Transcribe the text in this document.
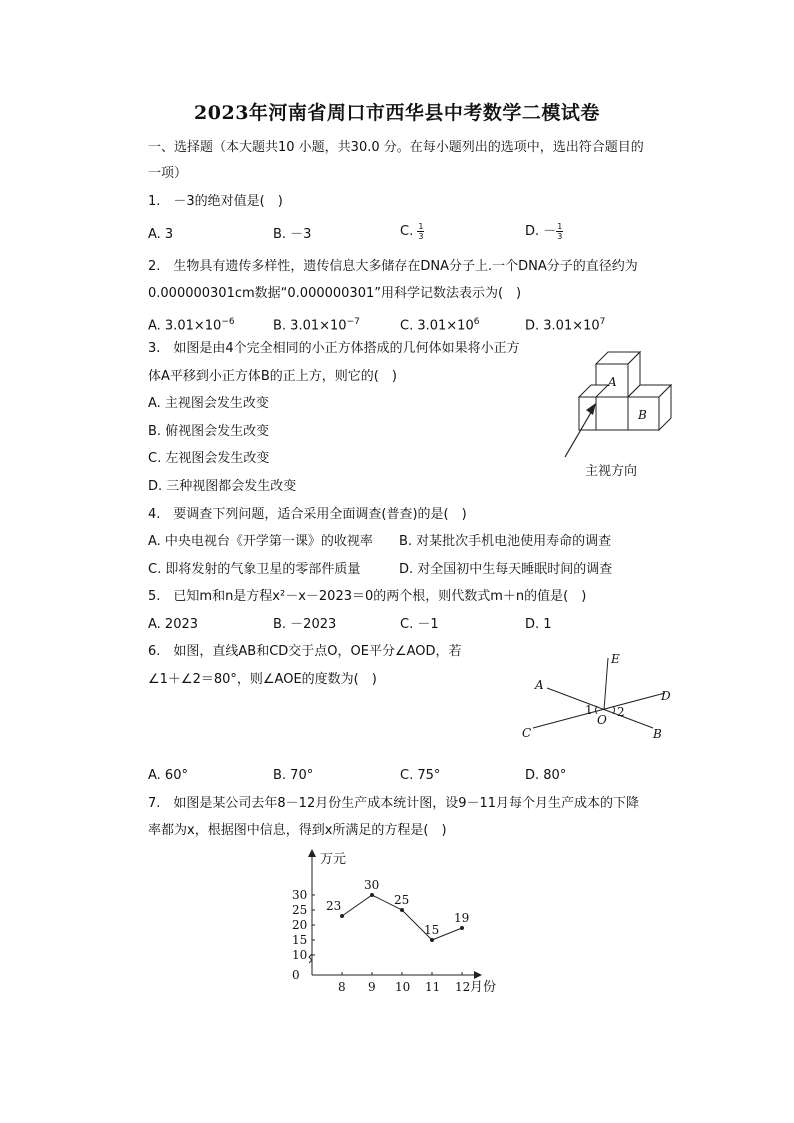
2023年河南省周口市西华县中考数学二模试卷
一、选择题（本大题共10 小题，共30.0 分。在每小题列出的选项中，选出符合题目的
一项）
1.　－3的绝对值是(　)
A. 3	B. －3	C. $\frac{1}{3}$	D. － $\frac{1}{3}$
2.　生物具有遗传多样性，遗传信息大多储存在DNA分子上.一个DNA分子的直径约为
0.000000301cm数据“0.000000301”用科学记数法表示为(　)
A. $3.01\times 10^{-6}$	B. $3.01\times 10^{-7}$	C. $3.01\times 10^6$	D. $3.01\times 10^7$
3.　如图是由4个完全相同的小正方体搭成的几何体如果将小正方
体A平移到小正方体B的正上方，则它的(　)
A. 主视图会发生改变
B. 俯视图会发生改变
C. 左视图会发生改变
D. 三种视图都会发生改变
A
B
主视方向
4.　要调查下列问题，适合采用全面调查(普查)的是(　)
A. 中央电视台《开学第一课》的收视率 B. 对某批次手机电池使用寿命的调查
C. 即将发射的气象卫星的零部件质量	D. 对全国初中生每天睡眠时间的调查
5.　已知m和n是方程x²－x－2023＝0的两个根，则代数式m＋n的值是(　)
A. 2023	B. －2023	C. －1	D. 1
6.　如图，直线AB和CD交于点O，OE平分∠AOD，若
∠1＋∠2＝80°，则∠AOE的度数为(　)
E
A
D
C	B
O
1 2
A. 60°	B. 70°	C. 75°	D. 80°
7.　如图是某公司去年8－12月份生产成本统计图，设9－11月每个月生产成本的下降
率都为x，根据图中信息，得到x所满足的方程是(　)
万元
月份
30
25
20
15
10
0
8 9 10 11 12
23
30
25
15
19
